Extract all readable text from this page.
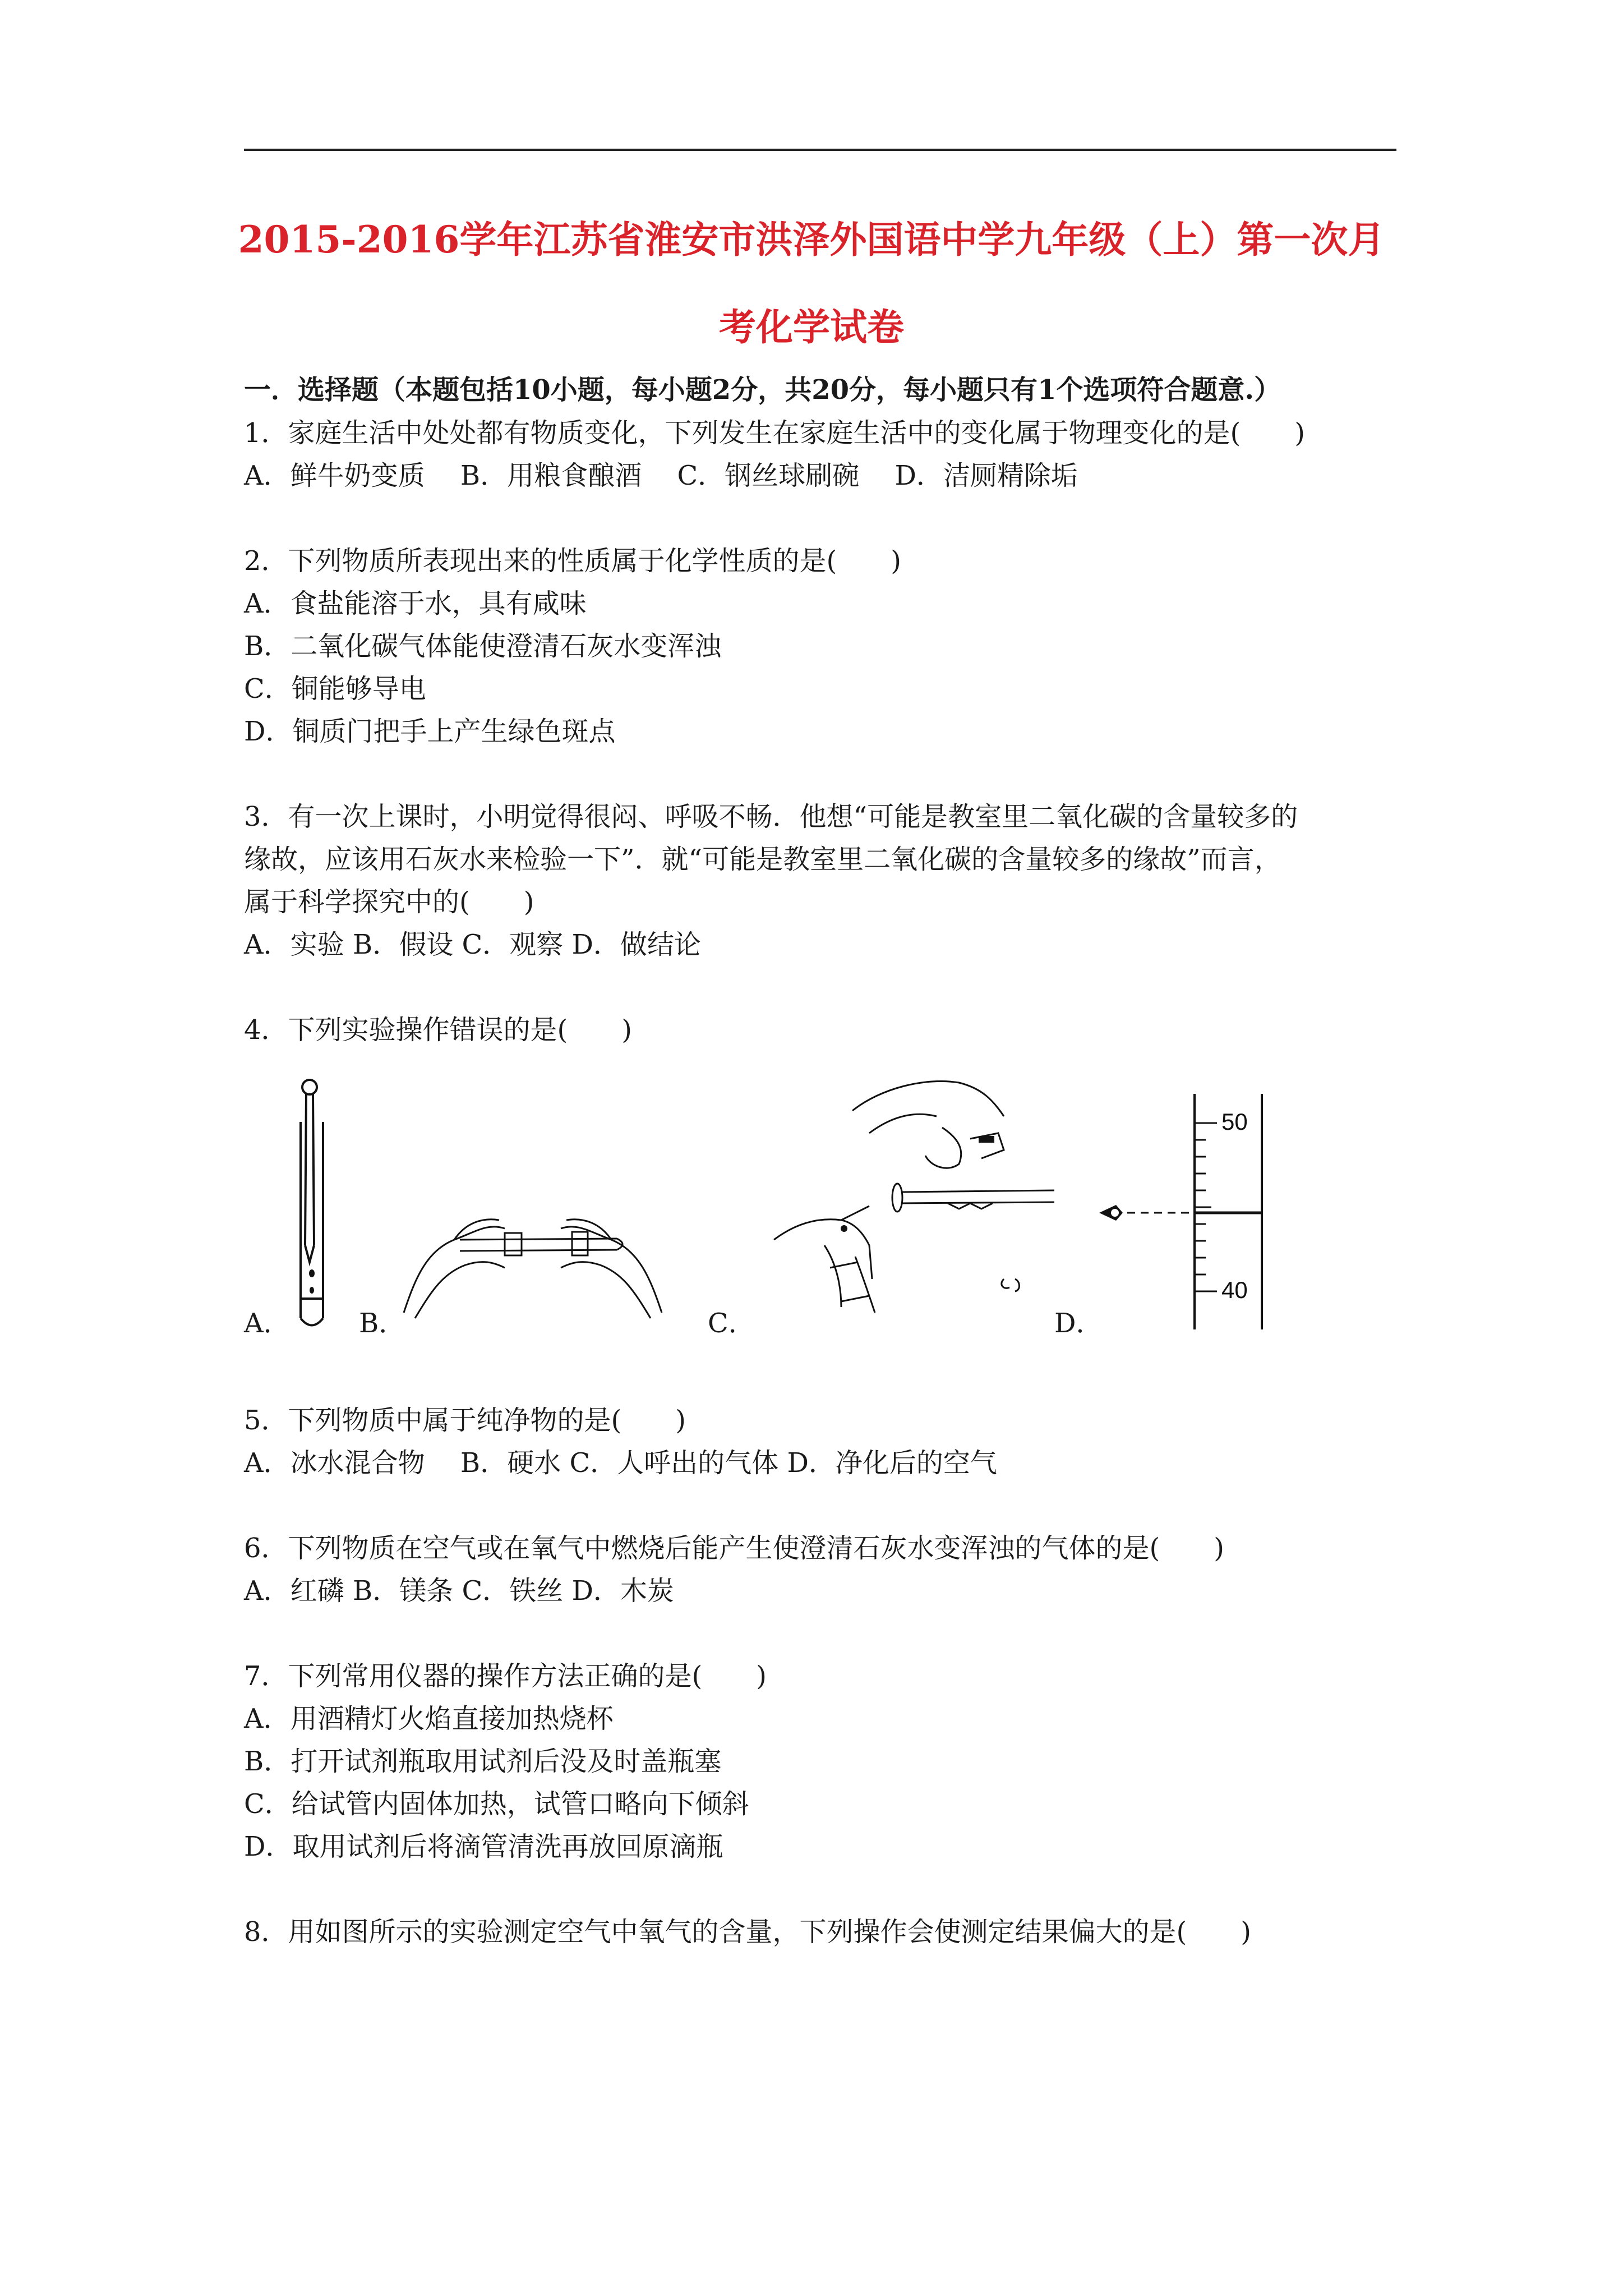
2015-2016学年江苏省淮安市洪泽外国语中学九年级（上）第一次月
考化学试卷
一．选择题（本题包括10小题，每小题2分，共20分，每小题只有1个选项符合题意.）
1．家庭生活中处处都有物质变化，下列发生在家庭生活中的变化属于物理变化的是(　　)
A．鲜牛奶变质　 B．用粮食酿酒　 C．钢丝球刷碗　 D．洁厕精除垢
2．下列物质所表现出来的性质属于化学性质的是(　　)
A．食盐能溶于水，具有咸味
B．二氧化碳气体能使澄清石灰水变浑浊
C．铜能够导电
D．铜质门把手上产生绿色斑点
3．有一次上课时，小明觉得很闷、呼吸不畅．他想“可能是教室里二氧化碳的含量较多的
缘故，应该用石灰水来检验一下”．就“可能是教室里二氧化碳的含量较多的缘故”而言，
属于科学探究中的(　　)
A．实验 B．假设 C．观察 D．做结论
4．下列实验操作错误的是(　　)
A．	B．	C．
50
40
D．
5．下列物质中属于纯净物的是(　　)
A．冰水混合物　 B．硬水 C．人呼出的气体 D．净化后的空气
6．下列物质在空气或在氧气中燃烧后能产生使澄清石灰水变浑浊的气体的是(　　)
A．红磷 B．镁条 C．铁丝 D．木炭
7．下列常用仪器的操作方法正确的是(　　)
A．用酒精灯火焰直接加热烧杯
B．打开试剂瓶取用试剂后没及时盖瓶塞
C．给试管内固体加热，试管口略向下倾斜
D．取用试剂后将滴管清洗再放回原滴瓶
8．用如图所示的实验测定空气中氧气的含量，下列操作会使测定结果偏大的是(　　)
